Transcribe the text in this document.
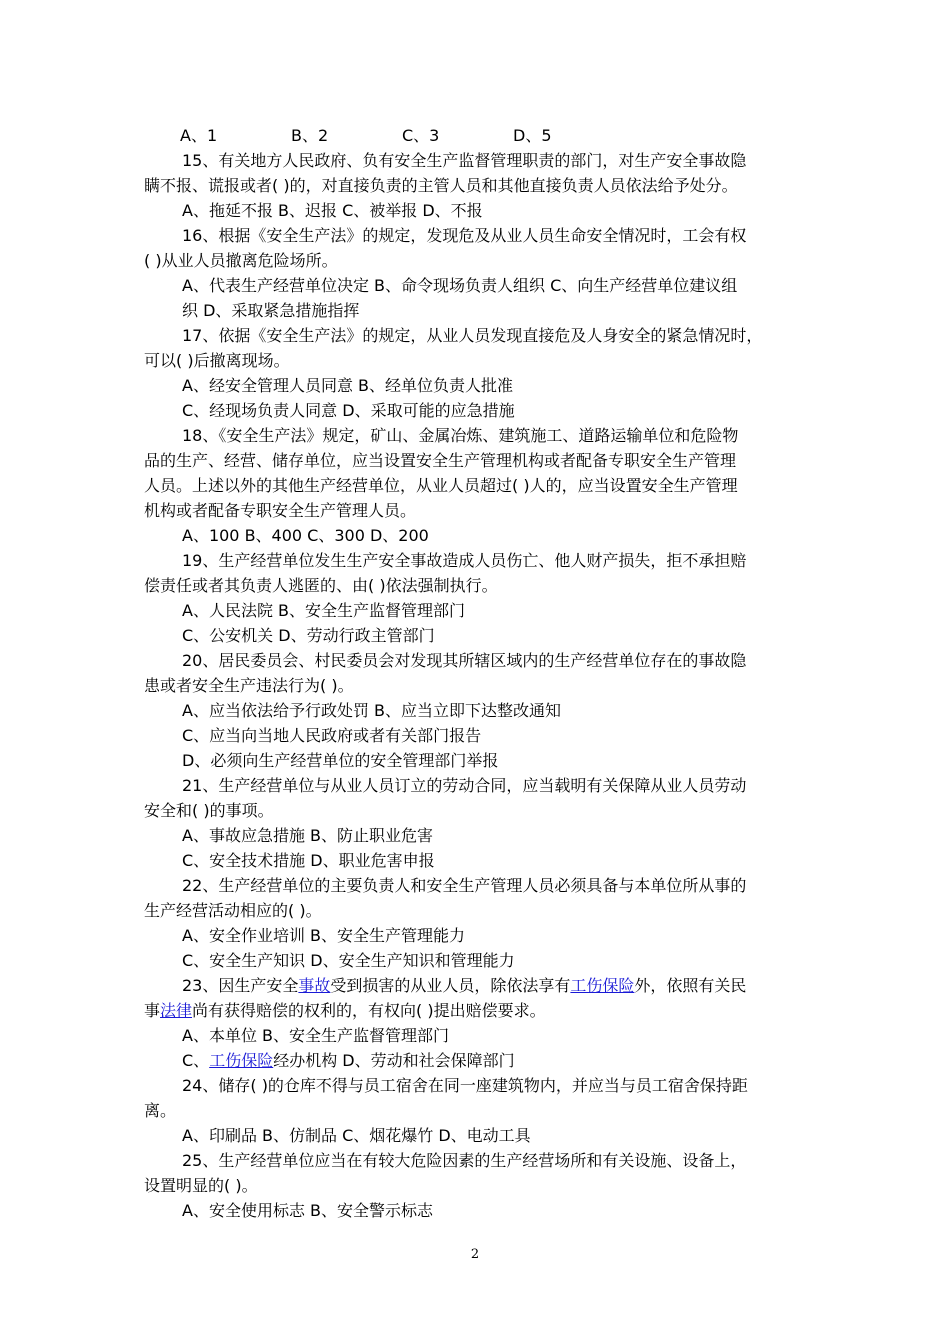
A、1	B、2	C、3	D、5
15、有关地方人民政府、负有安全生产监督管理职责的部门，对生产安全事故隐
瞒不报、谎报或者( )的，对直接负责的主管人员和其他直接负责人员依法给予处分。
A、拖延不报 B、迟报 C、被举报 D、不报
16、根据《安全生产法》的规定，发现危及从业人员生命安全情况时，工会有权
( )从业人员撤离危险场所。
A、代表生产经营单位决定 B、命令现场负责人组织 C、向生产经营单位建议组
织 D、采取紧急措施指挥
17、依据《安全生产法》的规定，从业人员发现直接危及人身安全的紧急情况时，
可以( )后撤离现场。
A、经安全管理人员同意 B、经单位负责人批准
C、经现场负责人同意 D、采取可能的应急措施
18、《安全生产法》规定，矿山、金属冶炼、建筑施工、道路运输单位和危险物
品的生产、经营、储存单位，应当设置安全生产管理机构或者配备专职安全生产管理
人员。上述以外的其他生产经营单位，从业人员超过( )人的，应当设置安全生产管理
机构或者配备专职安全生产管理人员。
A、100 B、400 C、300 D、200
19、生产经营单位发生生产安全事故造成人员伤亡、他人财产损失，拒不承担赔
偿责任或者其负责人逃匿的、由( )依法强制执行。
A、人民法院 B、安全生产监督管理部门
C、公安机关 D、劳动行政主管部门
20、居民委员会、村民委员会对发现其所辖区域内的生产经营单位存在的事故隐
患或者安全生产违法行为( )。
A、应当依法给予行政处罚 B、应当立即下达整改通知
C、应当向当地人民政府或者有关部门报告
D、必须向生产经营单位的安全管理部门举报
21、生产经营单位与从业人员订立的劳动合同，应当载明有关保障从业人员劳动
安全和( )的事项。
A、事故应急措施 B、防止职业危害
C、安全技术措施 D、职业危害申报
22、生产经营单位的主要负责人和安全生产管理人员必须具备与本单位所从事的
生产经营活动相应的( )。
A、安全作业培训 B、安全生产管理能力
C、安全生产知识 D、安全生产知识和管理能力
23、因生产安全事故受到损害的从业人员，除依法享有工伤保险外，依照有关民
事法律尚有获得赔偿的权利的，有权向( )提出赔偿要求。
A、本单位 B、安全生产监督管理部门
C、工伤保险经办机构 D、劳动和社会保障部门
24、储存( )的仓库不得与员工宿舍在同一座建筑物内，并应当与员工宿舍保持距
离。
A、印刷品 B、仿制品 C、烟花爆竹 D、电动工具
25、生产经营单位应当在有较大危险因素的生产经营场所和有关设施、设备上，
设置明显的( )。
A、安全使用标志 B、安全警示标志
2
